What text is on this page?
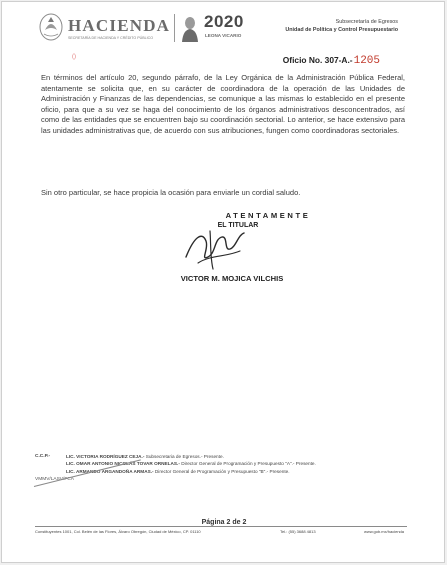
HACIENDA
SECRETARÍA DE HACIENDA Y CRÉDITO PÚBLICO
2020
LEONA VICARIO
Subsecretaría de Egresos
Unidad de Política y Control Presupuestario
()	Oficio No. 307-A.-1205
En términos del artículo 20, segundo párrafo, de la Ley Orgánica de la Administración Pública Federal, atentamente se solicita que, en su carácter de coordinadora de la operación de las Unidades de Administración y Finanzas de las dependencias, se comunique a las mismas lo establecido en el presente oficio, para que a su vez se haga del conocimiento de los órganos administrativos desconcentrados, así como de las entidades que se encuentren bajo su coordinación sectorial. Lo anterior, se hace extensivo para las unidades administrativas que, de acuerdo con sus atribuciones, fungen como coordinadoras sectoriales.
Sin otro particular, se hace propicia la ocasión para enviarle un cordial saludo.
ATENTAMENTE
EL TITULAR
VICTOR M. MOJICA VILCHIS
C.C.P.-	LIC. VICTORIA RODRÍGUEZ CEJA.- Subsecretaria de Egresos.- Presente.
LIC. OMAR ANTONIO NICOLÁS TOVAR ORNELAS.- Director General de Programación y Presupuesto "A".- Presente.
LIC. ARMANDO ARGANDOÑA ARMAS.- Director General de Programación y Presupuesto "B".- Presente.
VMMV/LASV/FCA
Página 2 de 2
Constituyentes 1001, Col. Belén de las Flores, Álvaro Obregón, Ciudad de México, CP. 01110	Tel.: (55) 3688 4813	www.gob.mx/hacienda
